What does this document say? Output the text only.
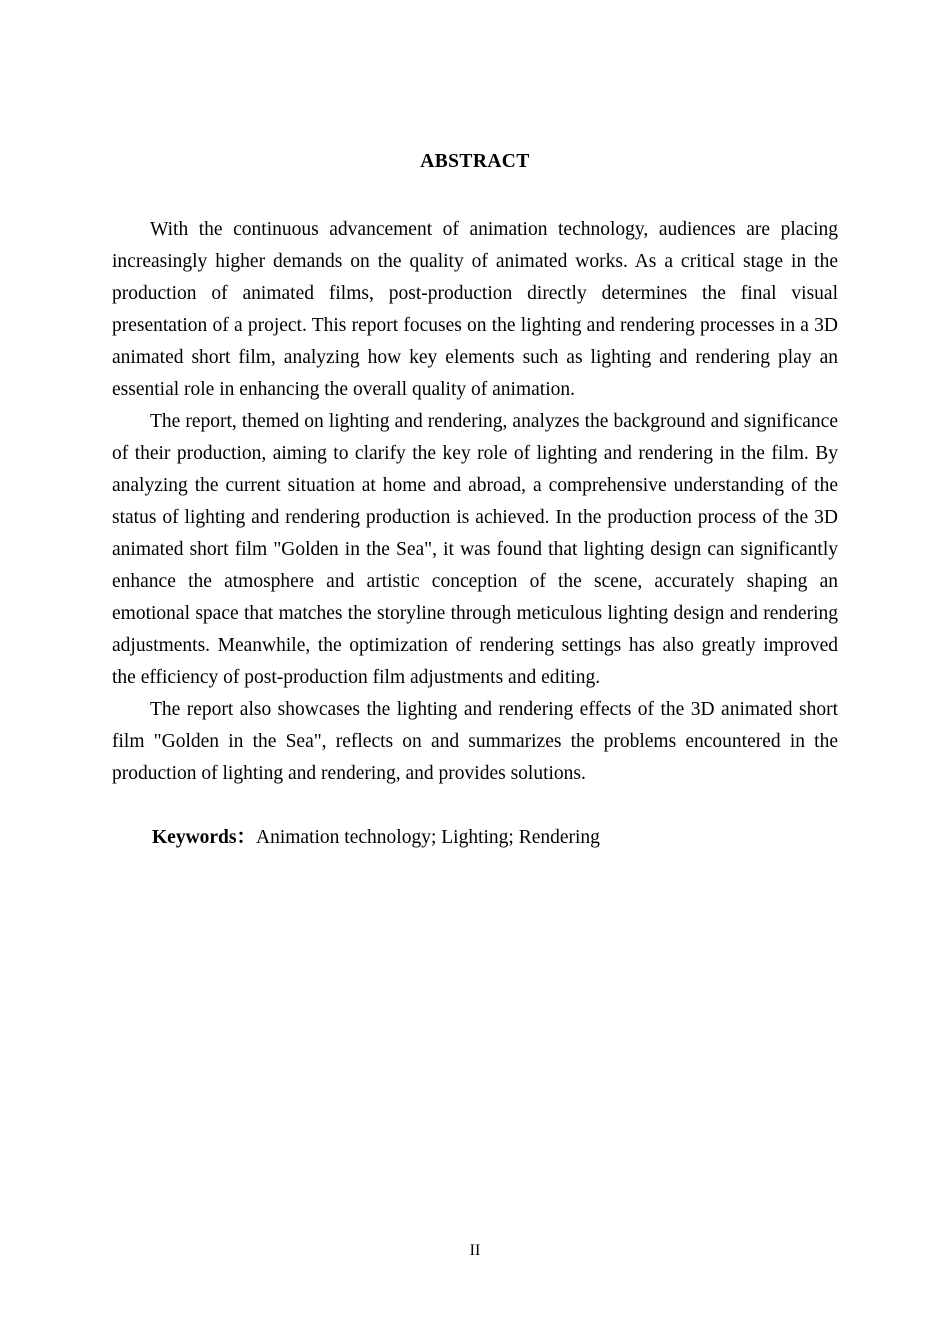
ABSTRACT

With the continuous advancement of animation technology, audiences are placing increasingly higher demands on the quality of animated works. As a critical stage in the production of animated films, post-production directly determines the final visual presentation of a project. This report focuses on the lighting and rendering processes in a 3D animated short film, analyzing how key elements such as lighting and rendering play an essential role in enhancing the overall quality of animation.

The report, themed on lighting and rendering, analyzes the background and significance of their production, aiming to clarify the key role of lighting and rendering in the film. By analyzing the current situation at home and abroad, a comprehensive understanding of the status of lighting and rendering production is achieved. In the production process of the 3D animated short film "Golden in the Sea", it was found that lighting design can significantly enhance the atmosphere and artistic conception of the scene, accurately shaping an emotional space that matches the storyline through meticulous lighting design and rendering adjustments. Meanwhile, the optimization of rendering settings has also greatly improved the efficiency of post-production film adjustments and editing.

The report also showcases the lighting and rendering effects of the 3D animated short film "Golden in the Sea", reflects on and summarizes the problems encountered in the production of lighting and rendering, and provides solutions.

Keywords：Animation technology; Lighting; Rendering

II
